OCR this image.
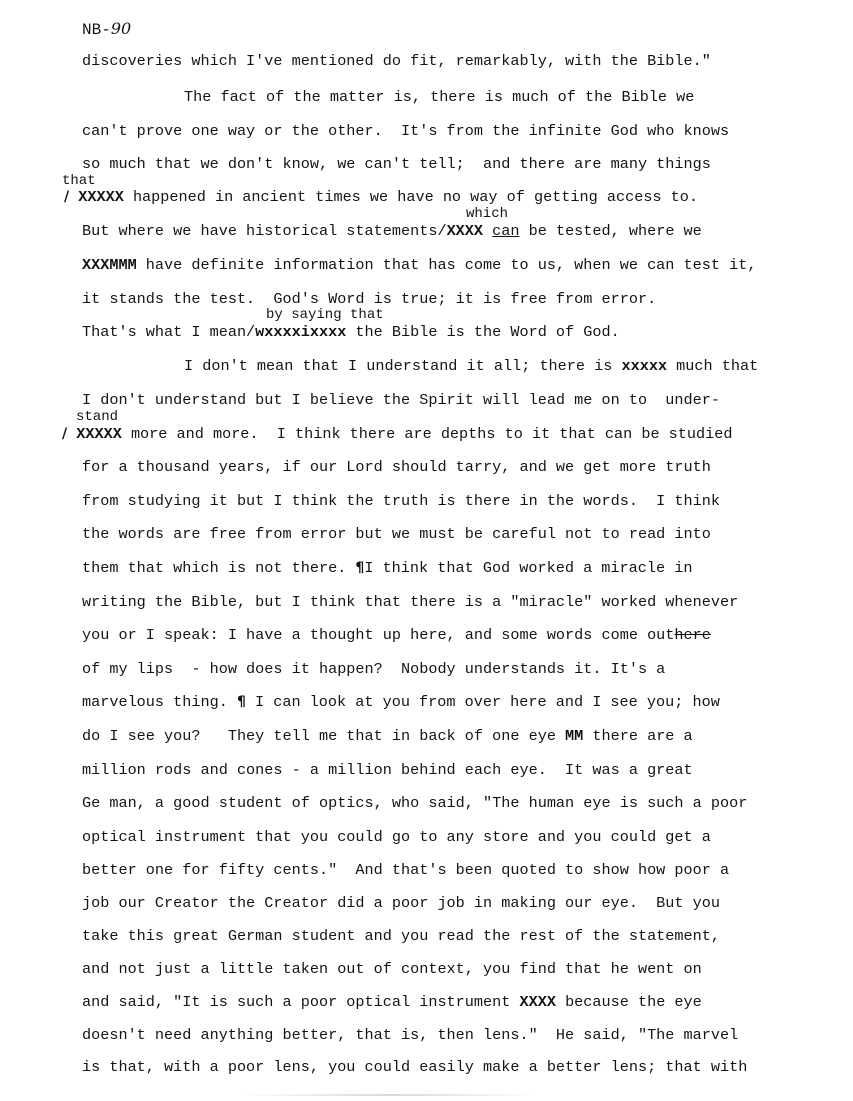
NB-90
discoveries which I've mentioned do fit, remarkably, with the Bible."
The fact of the matter is, there is much of the Bible we
can't prove one way or the other.  It's from the infinite God who knows
so much that we don't know, we can't tell;  and there are many things
that
/ XXXXX happened in ancient times we have no way of getting access to.
which
But where we have historical statements/XXXX can be tested, where we
XXXMMM have definite information that has come to us, when we can test it,
it stands the test.  God's Word is true; it is free from error.
by saying that
That's what I mean/wxxxxixxxx the Bible is the Word of God.
I don't mean that I understand it all; there is xxxxx much that
I don't understand but I believe the Spirit will lead me on to  under-
stand
/ XXXXX more and more.  I think there are depths to it that can be studied
for a thousand years, if our Lord should tarry, and we get more truth
from studying it but I think the truth is there in the words.  I think
the words are free from error but we must be careful not to read into
them that which is not there. ¶I think that God worked a miracle in
writing the Bible, but I think that there is a "miracle" worked whenever
you or I speak: I have a thought up here, and some words come outhere
of my lips  - how does it happen?  Nobody understands it. It's a
marvelous thing. ¶ I can look at you from over here and I see you; how
do I see you?   They tell me that in back of one eye MM there are a
million rods and cones - a million behind each eye.  It was a great
Ge man, a good student of optics, who said, "The human eye is such a poor
optical instrument that you could go to any store and you could get a
better one for fifty cents."  And that's been quoted to show how poor a
job our Creator the Creator did a poor job in making our eye.  But you
take this great German student and you read the rest of the statement,
and not just a little taken out of context, you find that he went on
and said, "It is such a poor optical instrument XXXX because the eye
doesn't need anything better, that is, then lens."  He said, "The marvel
is that, with a poor lens, you could easily make a better lens; that with
